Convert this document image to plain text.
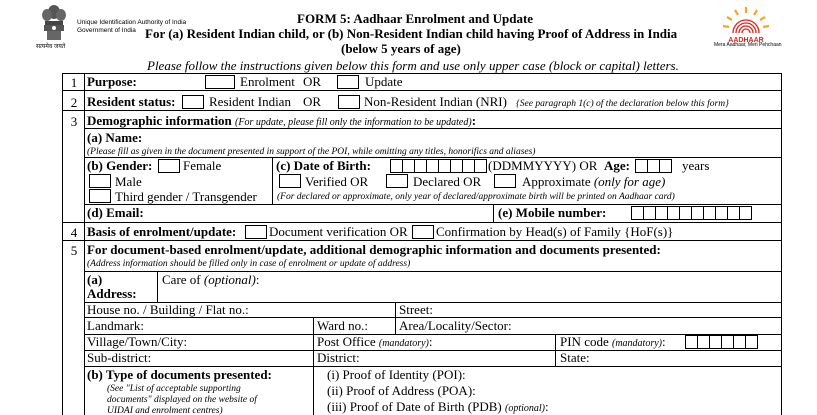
सत्यमेव जयते
Unique Identification Authority of India
Government of India
FORM 5: Aadhaar Enrolment and Update
For (a) Resident Indian child, or (b) Non-Resident Indian child having Proof of Address in India
(below 5 years of age)
Please follow the instructions given below this form and use only upper case (block or capital) letters.
AADHAAR
Mera Aadhaar, Meri Pehchaan
1 Purpose:	Enrolment OR	Update
2 Resident status:	Resident Indian OR	Non-Resident Indian (NRI) {See paragraph 1(c) of the declaration below this form}
3 Demographic information (For update, please fill only the information to be updated):
(a) Name:
(Please fill as given in the document presented in support of the POI, while omitting any titles, honorifics and aliases)
(b) Gender: Female
Male
Third gender / Transgender
(c) Date of Birth:	(DDMMYYYY) OR Age:	years
Verified OR	Declared OR	Approximate (only for age)
(For declared or approximate, only year of declared/approximate birth will be printed on Aadhaar card)
(d) Email:	(e) Mobile number:
4 Basis of enrolment/update:	Document verification OR Confirmation by Head(s) of Family {HoF(s)}
5 For document-based enrolment/update, additional demographic information and documents presented:
(Address information should be filled only in case of enrolment or update of address)
(a)
Address:
Care of (optional):
House no. / Building / Flat no.:	Street:
Landmark:	Ward no.: Area/Locality/Sector:
Village/Town/City:	Post Office (mandatory):	PIN code (mandatory):
Sub-district:	District:	State:
(b) Type of documents presented:
(See "List of acceptable supporting
documents" displayed on the website of
UIDAI and enrolment centres)
(i) Proof of Identity (POI):
(ii) Proof of Address (POA):
(iii) Proof of Date of Birth (PDB) (optional):
